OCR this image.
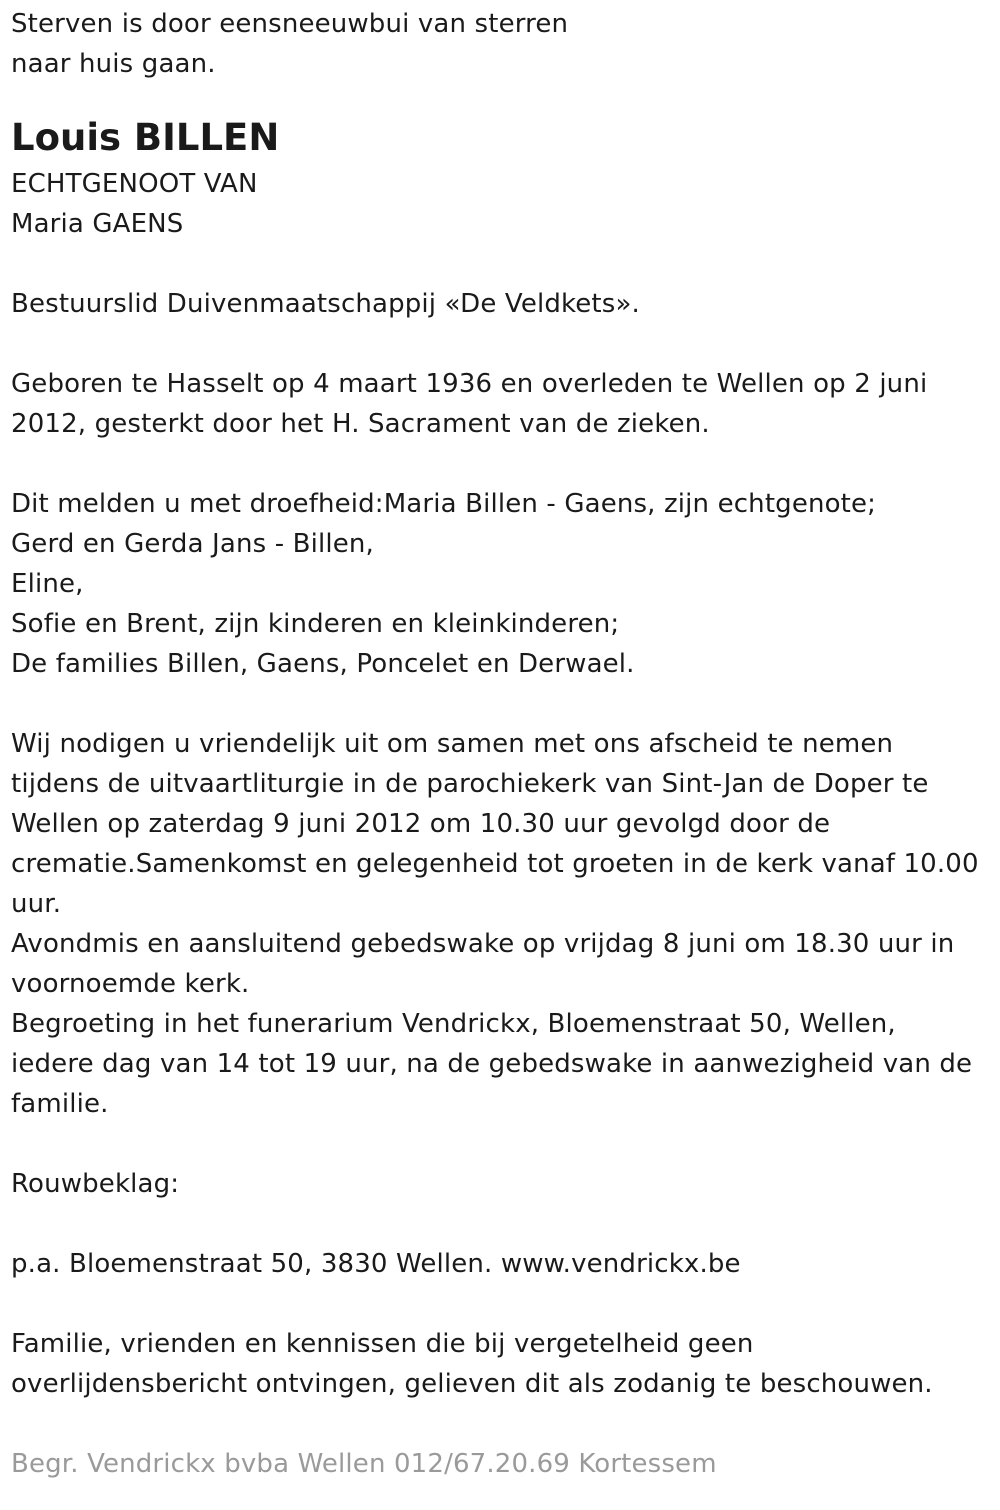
Sterven is door eensneeuwbui van sterren
naar huis gaan.
Louis BILLEN
ECHTGENOOT VAN
Maria GAENS
Bestuurslid Duivenmaatschappij «De Veldkets».
Geboren te Hasselt op 4 maart 1936 en overleden te Wellen op 2 juni
2012, gesterkt door het H. Sacrament van de zieken.
Dit melden u met droefheid:Maria Billen - Gaens, zijn echtgenote;
Gerd en Gerda Jans - Billen,
Eline,
Sofie en Brent, zijn kinderen en kleinkinderen;
De families Billen, Gaens, Poncelet en Derwael.
Wij nodigen u vriendelijk uit om samen met ons afscheid te nemen
tijdens de uitvaartliturgie in de parochiekerk van Sint-Jan de Doper te
Wellen op zaterdag 9 juni 2012 om 10.30 uur gevolgd door de
crematie.Samenkomst en gelegenheid tot groeten in de kerk vanaf 10.00
uur.
Avondmis en aansluitend gebedswake op vrijdag 8 juni om 18.30 uur in
voornoemde kerk.
Begroeting in het funerarium Vendrickx, Bloemenstraat 50, Wellen,
iedere dag van 14 tot 19 uur, na de gebedswake in aanwezigheid van de
familie.
Rouwbeklag:
p.a. Bloemenstraat 50, 3830 Wellen. www.vendrickx.be
Familie, vrienden en kennissen die bij vergetelheid geen
overlijdensbericht ontvingen, gelieven dit als zodanig te beschouwen.
Begr. Vendrickx bvba Wellen 012/67.20.69 Kortessem
